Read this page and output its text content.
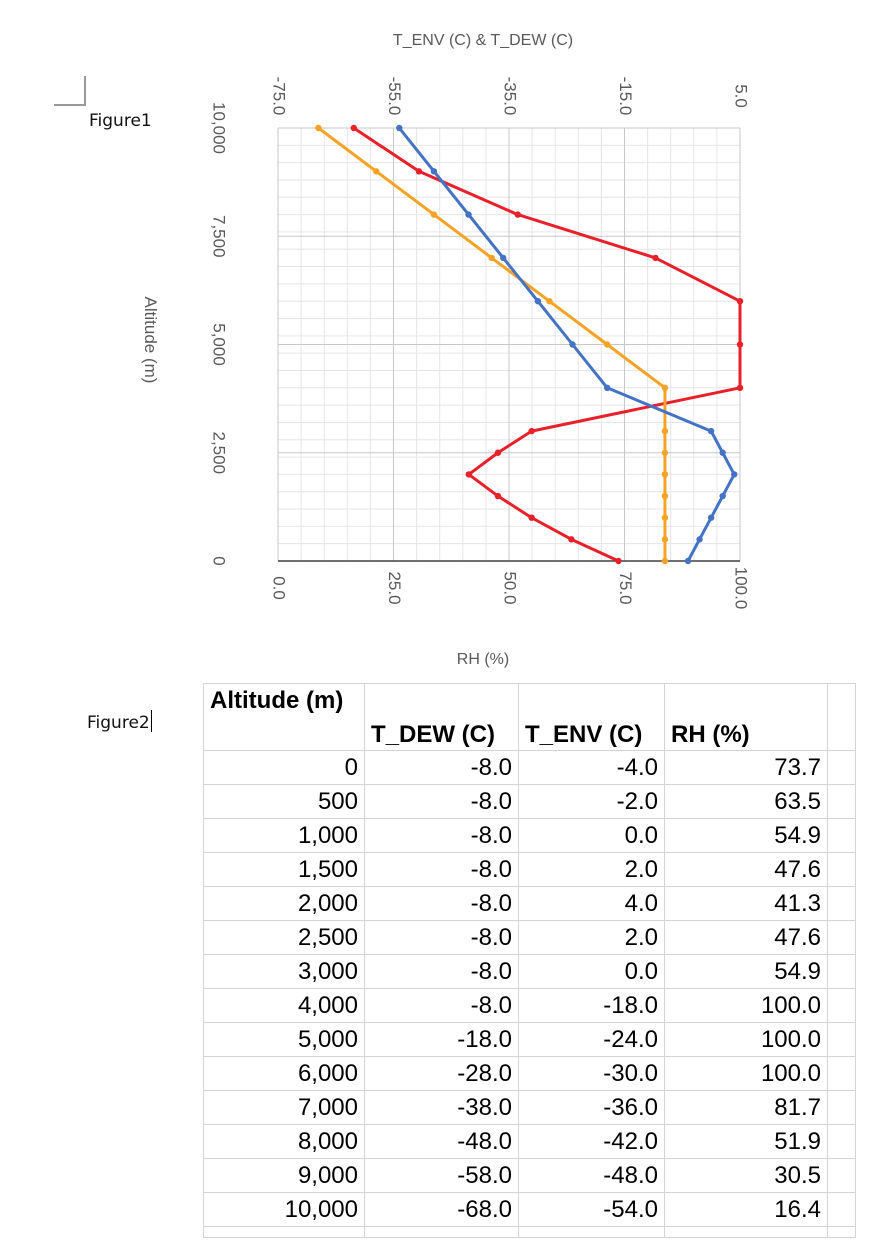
Figure1
Figure2
0
2,500
5,000
7,500
10,000
-75.0	-55.0	-35.0	-15.0	5.0
0.0	25.0	50.0	75.0	100.0
T_ENV (C) & T_DEW (C)
RH (%)
Altitude (m)
Altitude (m)	T_DEW (C)	T_ENV (C)	RH (%)	
0	-8.0	-4.0	73.7	
500	-8.0	-2.0	63.5	
1,000	-8.0	0.0	54.9	
1,500	-8.0	2.0	47.6	
2,000	-8.0	4.0	41.3	
2,500	-8.0	2.0	47.6	
3,000	-8.0	0.0	54.9	
4,000	-8.0	-18.0	100.0	
5,000	-18.0	-24.0	100.0	
6,000	-28.0	-30.0	100.0	
7,000	-38.0	-36.0	81.7	
8,000	-48.0	-42.0	51.9	
9,000	-58.0	-48.0	30.5	
10,000	-68.0	-54.0	16.4	
